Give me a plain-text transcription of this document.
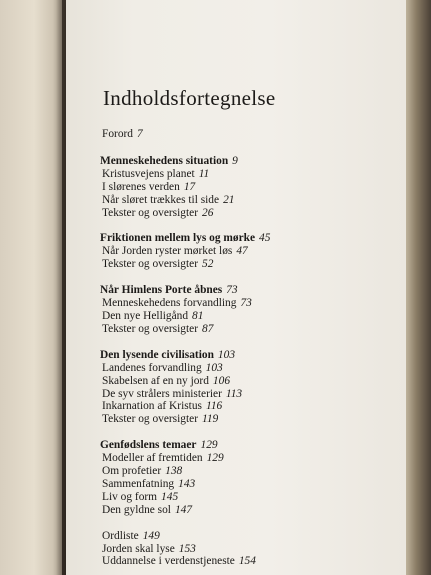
Indholdsfortegnelse
Forord 7
Menneskehedens situation 9
Kristusvejens planet 11
I slørenes verden 17
Når sløret trækkes til side 21
Tekster og oversigter 26
Friktionen mellem lys og mørke 45
Når Jorden ryster mørket løs 47
Tekster og oversigter 52
Når Himlens Porte åbnes 73
Menneskehedens forvandling 73
Den nye Helligånd 81
Tekster og oversigter 87
Den lysende civilisation 103
Landenes forvandling 103
Skabelsen af en ny jord 106
De syv strålers ministerier 113
Inkarnation af Kristus 116
Tekster og oversigter 119
Genfødslens temaer 129
Modeller af fremtiden 129
Om profetier 138
Sammenfatning 143
Liv og form 145
Den gyldne sol 147
Ordliste 149
Jorden skal lyse 153
Uddannelse i verdenstjeneste 154
